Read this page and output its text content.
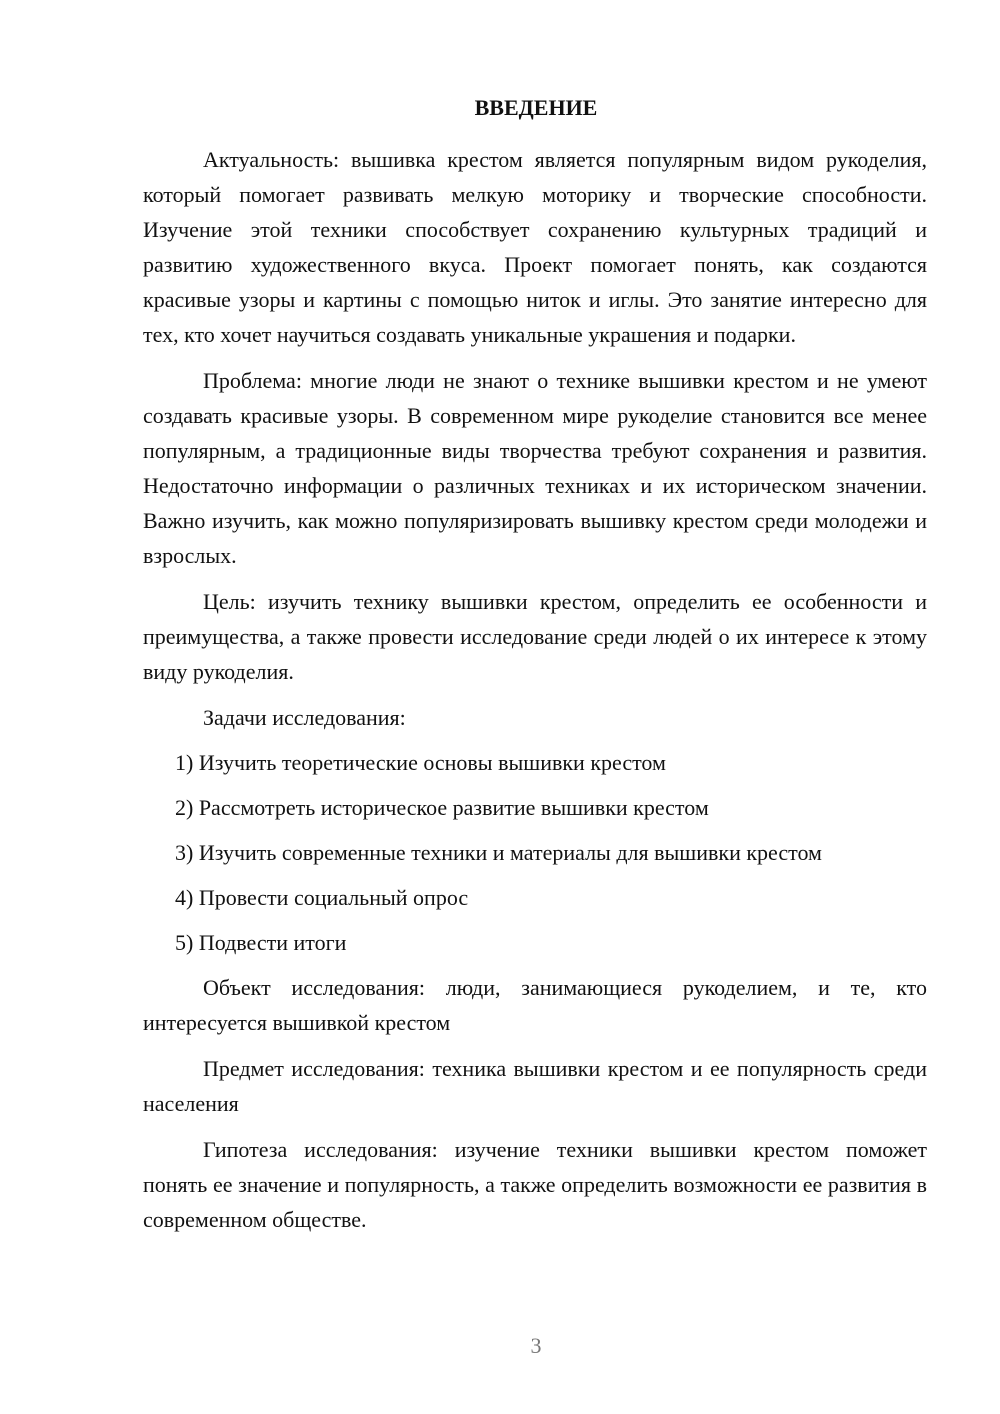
ВВЕДЕНИЕ

Актуальность: вышивка крестом является популярным видом рукоделия, который помогает развивать мелкую моторику и творческие способности. Изучение этой техники способствует сохранению культурных традиций и развитию художественного вкуса. Проект помогает понять, как создаются красивые узоры и картины с помощью ниток и иглы. Это занятие интересно для тех, кто хочет научиться создавать уникальные украшения и подарки.

Проблема: многие люди не знают о технике вышивки крестом и не умеют создавать красивые узоры. В современном мире рукоделие становится все менее популярным, а традиционные виды творчества требуют сохранения и развития. Недостаточно информации о различных техниках и их историческом значении. Важно изучить, как можно популяризировать вышивку крестом среди молодежи и взрослых.

Цель: изучить технику вышивки крестом, определить ее особенности и преимущества, а также провести исследование среди людей о их интересе к этому виду рукоделия.

Задачи исследования:

1) Изучить теоретические основы вышивки крестом

2) Рассмотреть историческое развитие вышивки крестом

3) Изучить современные техники и материалы для вышивки крестом

4) Провести социальный опрос

5) Подвести итоги

Объект исследования: люди, занимающиеся рукоделием, и те, кто интересуется вышивкой крестом

Предмет исследования: техника вышивки крестом и ее популярность среди населения

Гипотеза исследования: изучение техники вышивки крестом поможет понять ее значение и популярность, а также определить возможности ее развития в современном обществе.

3
